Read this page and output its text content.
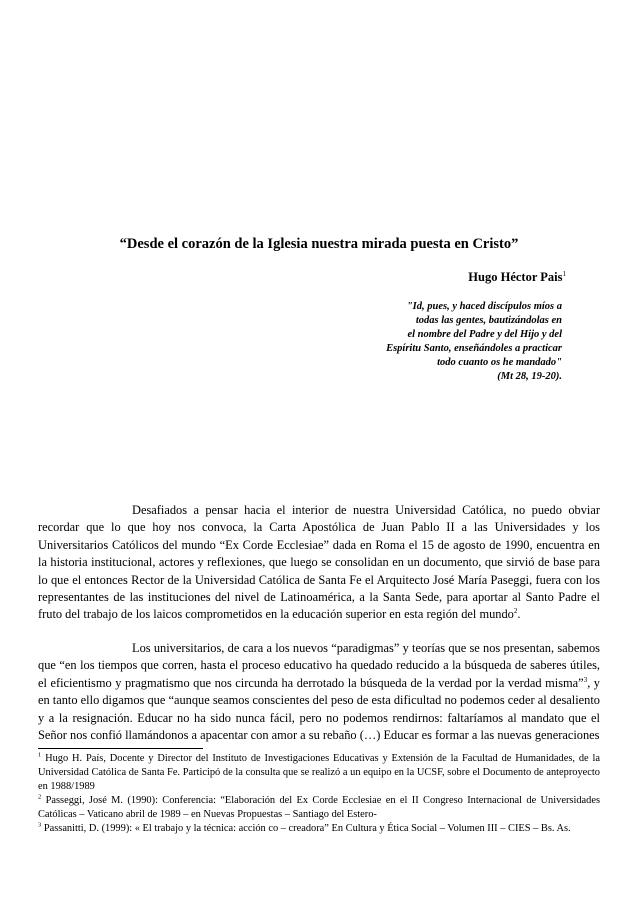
“Desde el corazón de la Iglesia nuestra mirada puesta en Cristo”
Hugo Héctor Pais$^1$
"Id, pues, y haced discípulos míos a
todas las gentes, bautizándolas en
el nombre del Padre y del Hijo y del
Espíritu Santo, enseñándoles a practicar
todo cuanto os he mandado"
(Mt 28, 19-20).

Desafiados a pensar hacia el interior de nuestra Universidad Católica, no puedo obviar recordar que lo que hoy nos convoca, la Carta Apostólica de Juan Pablo II a las Universidades y los Universitarios Católicos del mundo “Ex Corde Ecclesiae” dada en Roma el 15 de agosto de 1990, encuentra en la historia institucional, actores y reflexiones, que luego se consolidan en un documento, que sirvió de base para lo que el entonces Rector de la Universidad Católica de Santa Fe el Arquitecto José María Paseggi, fuera con los representantes de las instituciones del nivel de Latinoamérica, a la Santa Sede, para aportar al Santo Padre el fruto del trabajo de los laicos comprometidos en la educación superior en esta región del mundo$^2$.

Los universitarios, de cara a los nuevos “paradigmas” y teorías que se nos presentan, sabemos que “en los tiempos que corren, hasta el proceso educativo ha quedado reducido a la búsqueda de saberes útiles, el eficientismo y pragmatismo que nos circunda ha derrotado la búsqueda de la verdad por la verdad misma”$^3$, y en tanto ello digamos que “aunque seamos conscientes del peso de esta dificultad no podemos ceder al desaliento y a la resignación. Educar no ha sido nunca fácil, pero no podemos rendirnos: faltaríamos al mandato que el Señor nos confió llamándonos a apacentar con amor a su rebaño (…) Educar es formar a las nuevas generaciones

$^1$ Hugo H. País, Docente y Director del Instituto de Investigaciones Educativas y Extensión de la Facultad de Humanidades, de la Universidad Católica de Santa Fe. Participó de la consulta que se realizó a un equipo en la UCSF, sobre el Documento de anteproyecto en 1988/1989

$^2$ Passeggi, José M. (1990): Conferencia: “Elaboración del Ex Corde Ecclesiae en el II Congreso Internacional de Universidades Católicas – Vaticano abril de 1989 – en Nuevas Propuestas – Santiago del Estero-

$^3$ Passanitti, D. (1999): « El trabajo y la técnica: acción co – creadora” En Cultura y Ética Social – Volumen III – CIES – Bs. As.
